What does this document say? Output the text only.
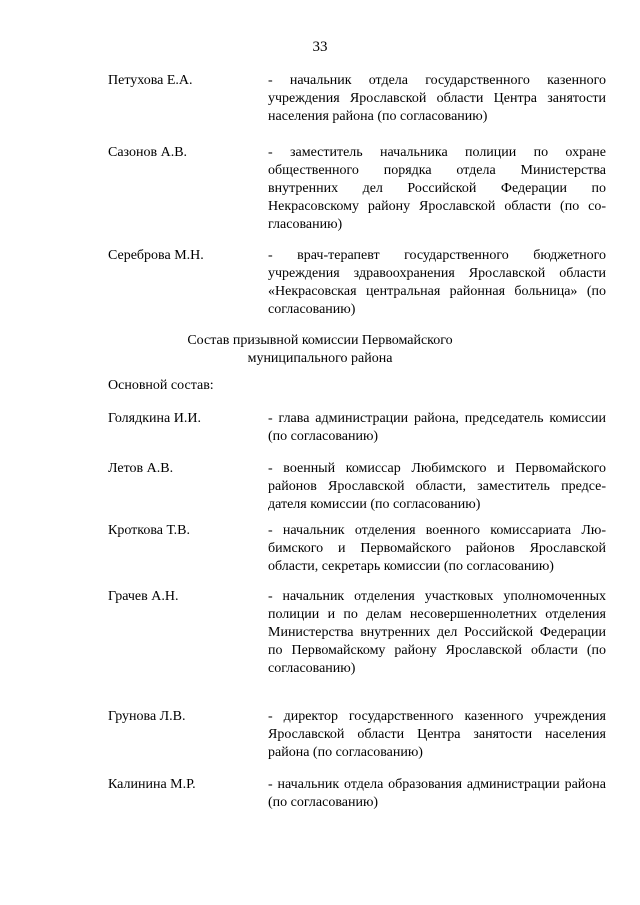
33
Петухова Е.А.	- начальник отдела государственного казенного учреждения Ярославской области Центра занятости населения района (по согласованию)
Сазонов А.В.	- заместитель начальника полиции по охране общественного порядка отдела Министерства внутренних дел Российской Федерации по Некрасовскому району Ярославской области (по согласованию)
Сереброва М.Н.	- врач-терапевт государственного бюджетного учреждения здравоохранения Ярославской области «Некрасовская центральная районная больница» (по согласованию)
Состав призывной комиссии Первомайского муниципального района
Основной состав:
Голядкина И.И.	- глава администрации района, председатель комиссии (по согласованию)
Летов А.В.	- военный комиссар Любимского и Первомайского районов Ярославской области, заместитель председателя комиссии (по согласованию)
Кроткова Т.В.	- начальник отделения военного комиссариата Любимского и Первомайского районов Ярославской области, секретарь комиссии (по согласованию)
Грачев А.Н.	- начальник отделения участковых уполномоченных полиции и по делам несовершеннолетних отделения Министерства внутренних дел Российской Федерации по Первомайскому району Ярославской области (по согласованию)
Грунова Л.В.	- директор государственного казенного учреждения Ярославской области Центра занятости населения района (по согласованию)
Калинина М.Р.	- начальник отдела образования администрации района (по согласованию)
